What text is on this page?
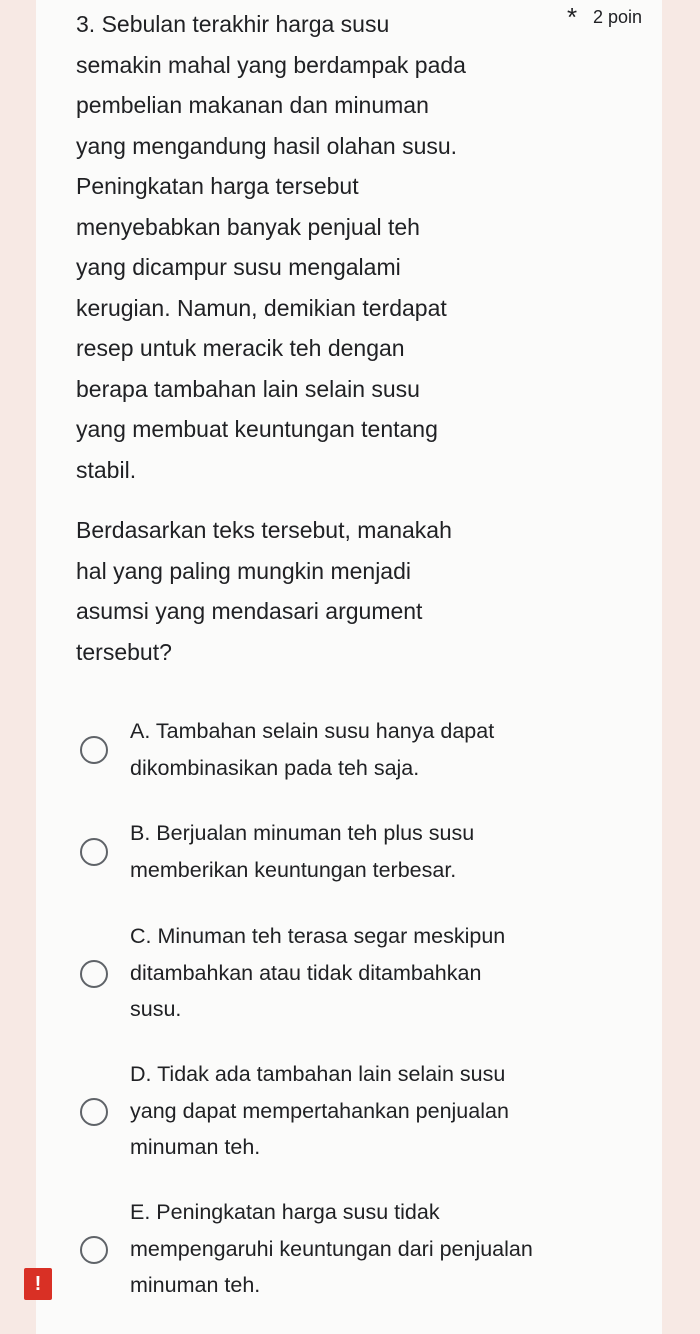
3. Sebulan terakhir harga susu
semakin mahal yang berdampak pada
pembelian makanan dan minuman
yang mengandung hasil olahan susu.
Peningkatan harga tersebut
menyebabkan banyak penjual teh
yang dicampur susu mengalami
kerugian. Namun, demikian terdapat
resep untuk meracik teh dengan
berapa tambahan lain selain susu
yang membuat keuntungan tentang
stabil.
* 2 poin
Berdasarkan teks tersebut, manakah
hal yang paling mungkin menjadi
asumsi yang mendasari argument
tersebut?
A. Tambahan selain susu hanya dapat
dikombinasikan pada teh saja.
B. Berjualan minuman teh plus susu
memberikan keuntungan terbesar.
C. Minuman teh terasa segar meskipun
ditambahkan atau tidak ditambahkan
susu.
D. Tidak ada tambahan lain selain susu
yang dapat mempertahankan penjualan
minuman teh.
E. Peningkatan harga susu tidak
mempengaruhi keuntungan dari penjualan
minuman teh.
!
